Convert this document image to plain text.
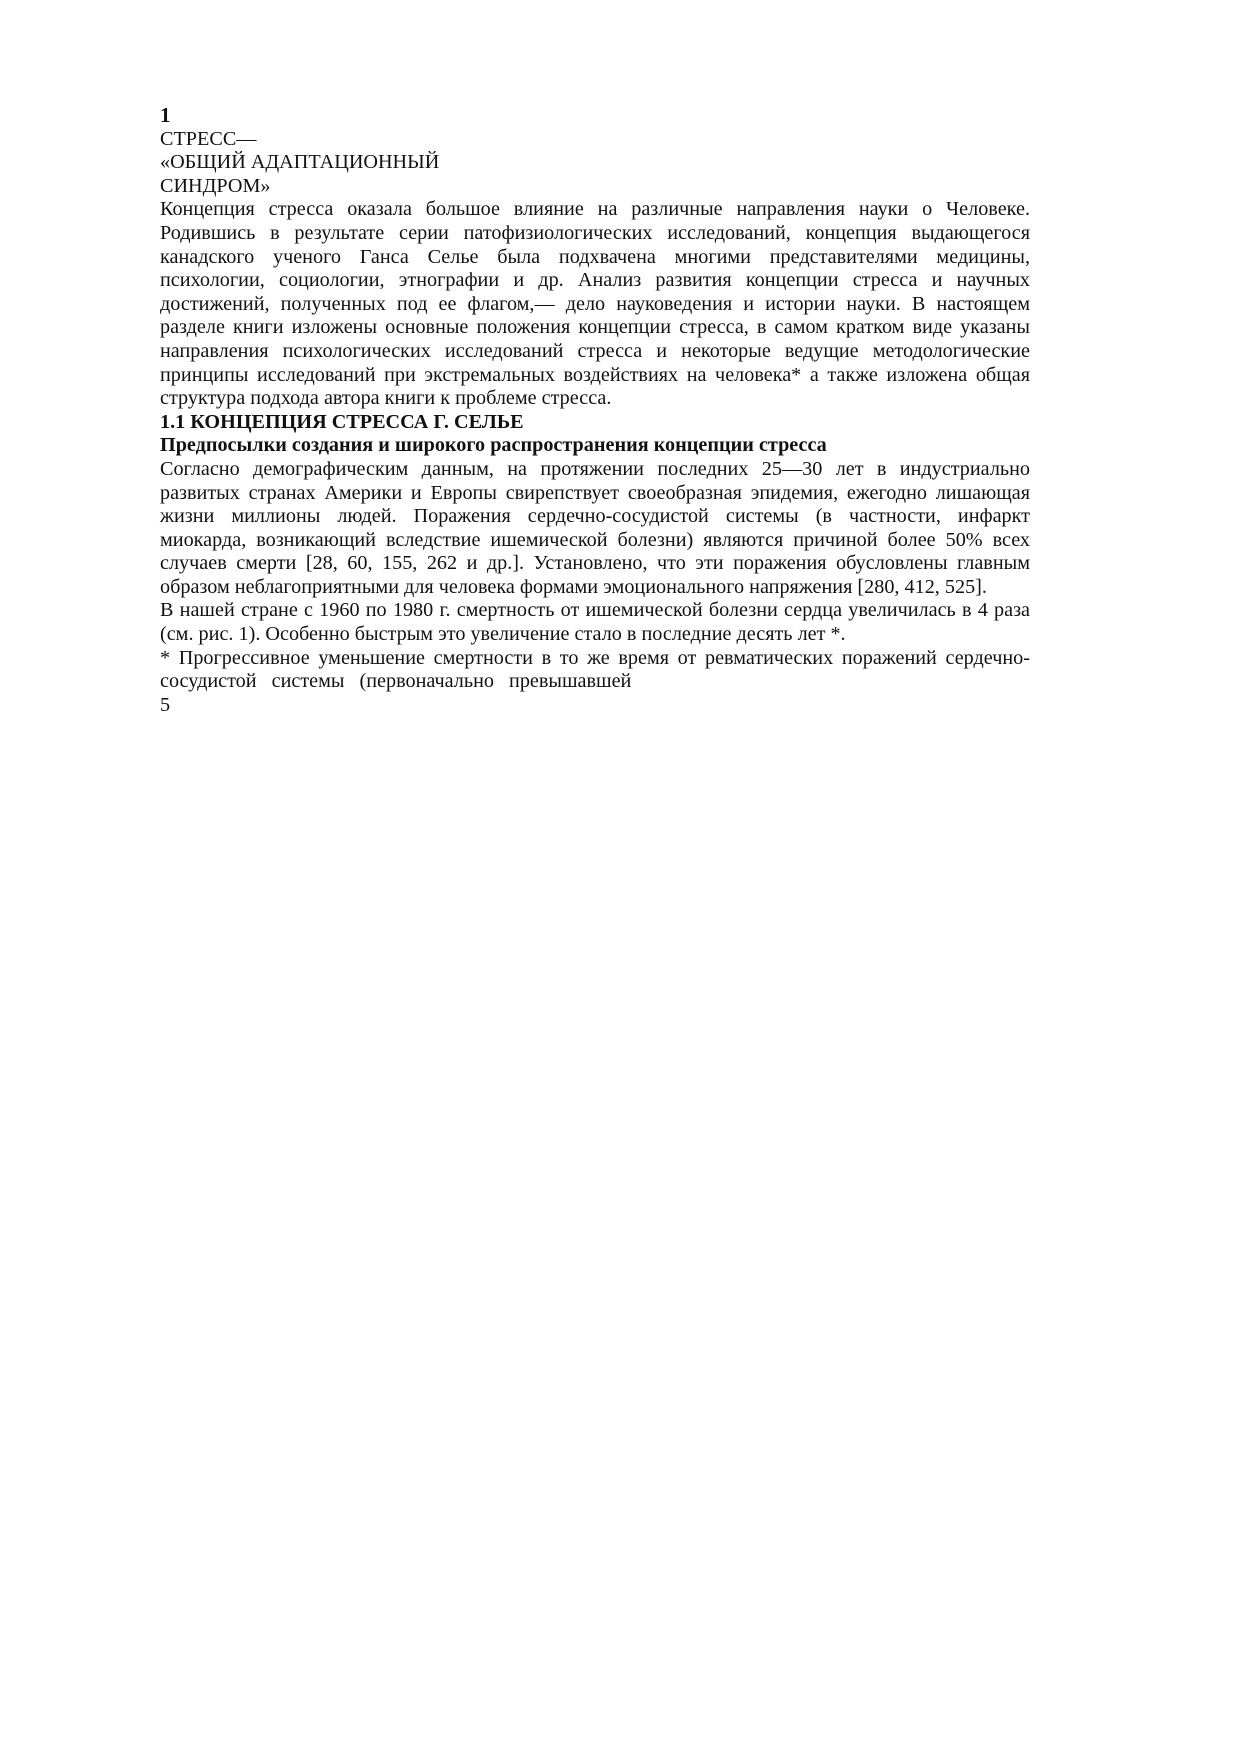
1
СТРЕСС—
«ОБЩИЙ АДАПТАЦИОННЫЙ
СИНДРОМ»
Концепция стресса оказала большое влияние на различные направления науки о Человеке.
Родившись в результате серии патофизиологических исследований, концепция выдающегося
канадского ученого Ганса Селье была подхвачена многими представителями медицины,
психологии, социологии, этнографии и др. Анализ развития концепции стресса и научных
достижений, полученных под ее флагом,— дело науковедения и истории науки. В настоящем
разделе книги изложены основные положения концепции стресса, в самом кратком виде указаны
направления психологических исследований стресса и некоторые ведущие методологические
принципы исследований при экстремальных воздействиях на человека* а также изложена общая
структура подхода автора книги к проблеме стресса.
1.1 КОНЦЕПЦИЯ СТРЕССА Г. СЕЛЬЕ
Предпосылки создания и широкого распространения концепции стресса
Согласно демографическим данным, на протяжении последних 25—30 лет в индустриально
развитых странах Америки и Европы свирепствует своеобразная эпидемия, ежегодно лишающая
жизни миллионы людей. Поражения сердечно-сосудистой системы (в частности, инфаркт
миокарда, возникающий вследствие ишемической болезни) являются причиной более 50% всех
случаев смерти [28, 60, 155, 262 и др.]. Установлено, что эти поражения обусловлены главным
образом неблагоприятными для человека формами эмоционального напряжения [280, 412, 525].
В нашей стране с 1960 по 1980 г. смертность от ишемической болезни сердца увеличилась в 4 раза
(см. рис. 1). Особенно быстрым это увеличение стало в последние десять лет *.
* Прогрессивное уменьшение смертности в то же время от ревматических поражений сердечно-
сосудистой системы (первоначально превышавшей
5
